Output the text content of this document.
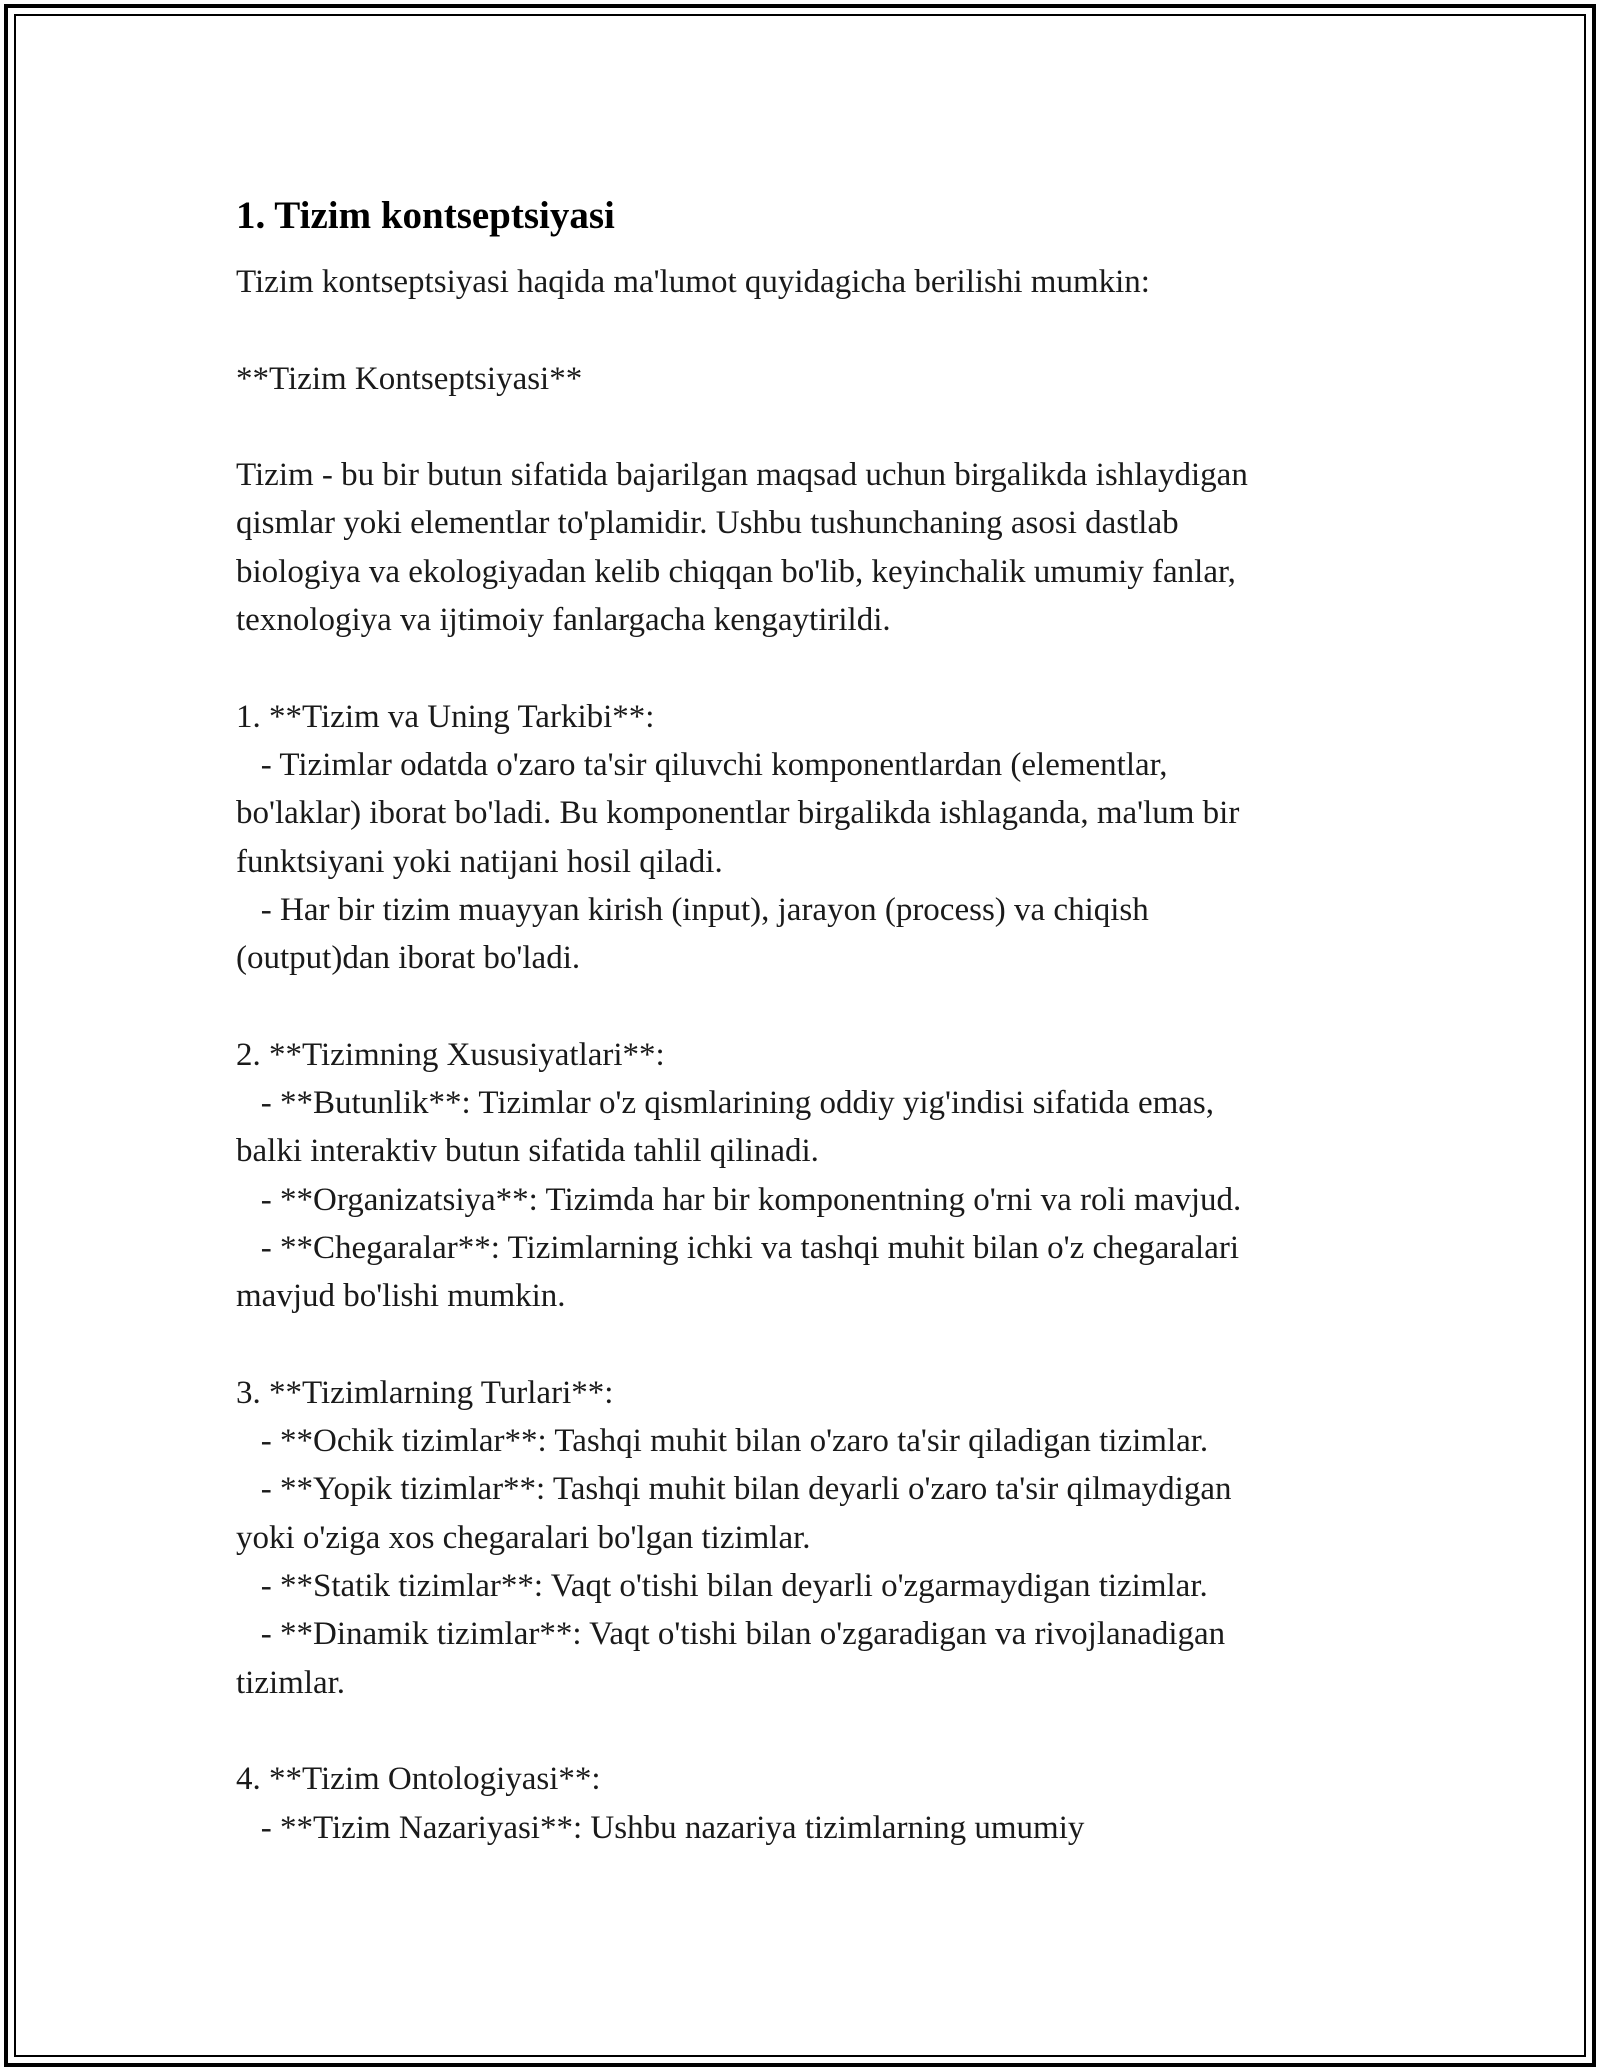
1. Tizim kontseptsiyasi

Tizim kontseptsiyasi haqida ma'lumot quyidagicha berilishi mumkin:

**Tizim Kontseptsiyasi**

Tizim - bu bir butun sifatida bajarilgan maqsad uchun birgalikda ishlaydigan
qismlar yoki elementlar to'plamidir. Ushbu tushunchaning asosi dastlab
biologiya va ekologiyadan kelib chiqqan bo'lib, keyinchalik umumiy fanlar,
texnologiya va ijtimoiy fanlargacha kengaytirildi.

1. **Tizim va Uning Tarkibi**:
- Tizimlar odatda o'zaro ta'sir qiluvchi komponentlardan (elementlar,
bo'laklar) iborat bo'ladi. Bu komponentlar birgalikda ishlaganda, ma'lum bir
funktsiyani yoki natijani hosil qiladi.
- Har bir tizim muayyan kirish (input), jarayon (process) va chiqish
(output)dan iborat bo'ladi.

2. **Tizimning Xususiyatlari**:
- **Butunlik**: Tizimlar o'z qismlarining oddiy yig'indisi sifatida emas,
balki interaktiv butun sifatida tahlil qilinadi.
- **Organizatsiya**: Tizimda har bir komponentning o'rni va roli mavjud.
- **Chegaralar**: Tizimlarning ichki va tashqi muhit bilan o'z chegaralari
mavjud bo'lishi mumkin.

3. **Tizimlarning Turlari**:
- **Ochik tizimlar**: Tashqi muhit bilan o'zaro ta'sir qiladigan tizimlar.
- **Yopik tizimlar**: Tashqi muhit bilan deyarli o'zaro ta'sir qilmaydigan
yoki o'ziga xos chegaralari bo'lgan tizimlar.
- **Statik tizimlar**: Vaqt o'tishi bilan deyarli o'zgarmaydigan tizimlar.
- **Dinamik tizimlar**: Vaqt o'tishi bilan o'zgaradigan va rivojlanadigan
tizimlar.

4. **Tizim Ontologiyasi**:
- **Tizim Nazariyasi**: Ushbu nazariya tizimlarning umumiy
